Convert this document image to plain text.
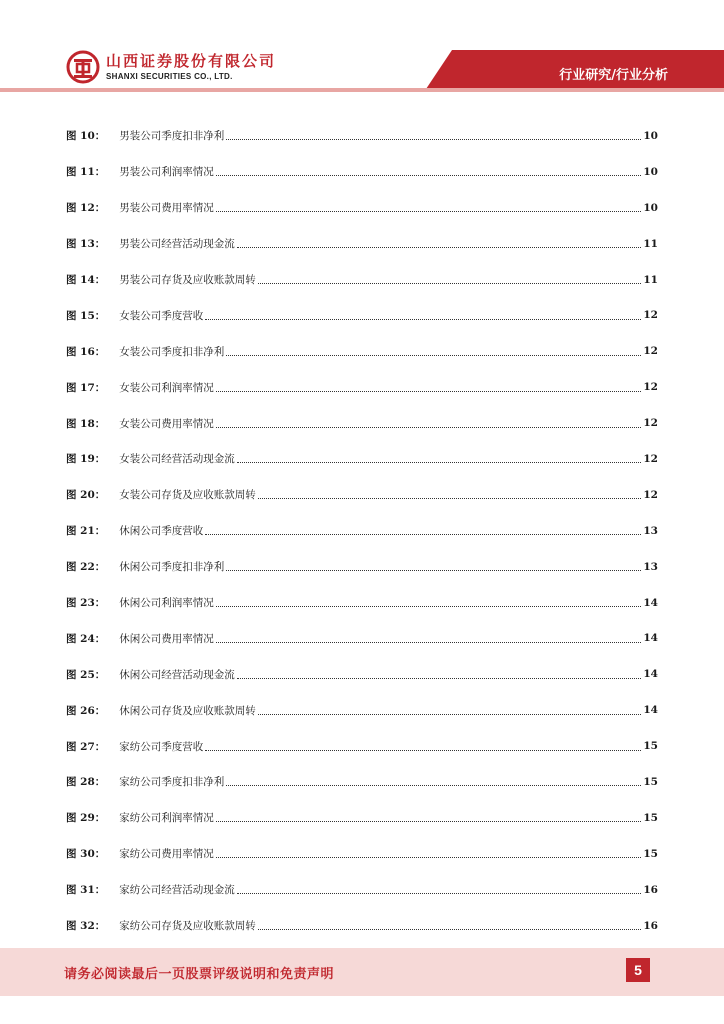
山西证券股份有限公司
SHANXI SECURITIES CO., LTD.	行业研究/行业分析
图 10： 男装公司季度扣非净利	10
图 11： 男装公司利润率情况	10
图 12： 男装公司费用率情况	10
图 13： 男装公司经营活动现金流	11
图 14： 男装公司存货及应收账款周转	11
图 15： 女装公司季度营收	12
图 16： 女装公司季度扣非净利	12
图 17： 女装公司利润率情况	12
图 18： 女装公司费用率情况	12
图 19： 女装公司经营活动现金流	12
图 20： 女装公司存货及应收账款周转	12
图 21： 休闲公司季度营收	13
图 22： 休闲公司季度扣非净利	13
图 23： 休闲公司利润率情况	14
图 24： 休闲公司费用率情况	14
图 25： 休闲公司经营活动现金流	14
图 26： 休闲公司存货及应收账款周转	14
图 27： 家纺公司季度营收	15
图 28： 家纺公司季度扣非净利	15
图 29： 家纺公司利润率情况	15
图 30： 家纺公司费用率情况	15
图 31： 家纺公司经营活动现金流	16
图 32： 家纺公司存货及应收账款周转	16
请务必阅读最后一页股票评级说明和免责声明	5
